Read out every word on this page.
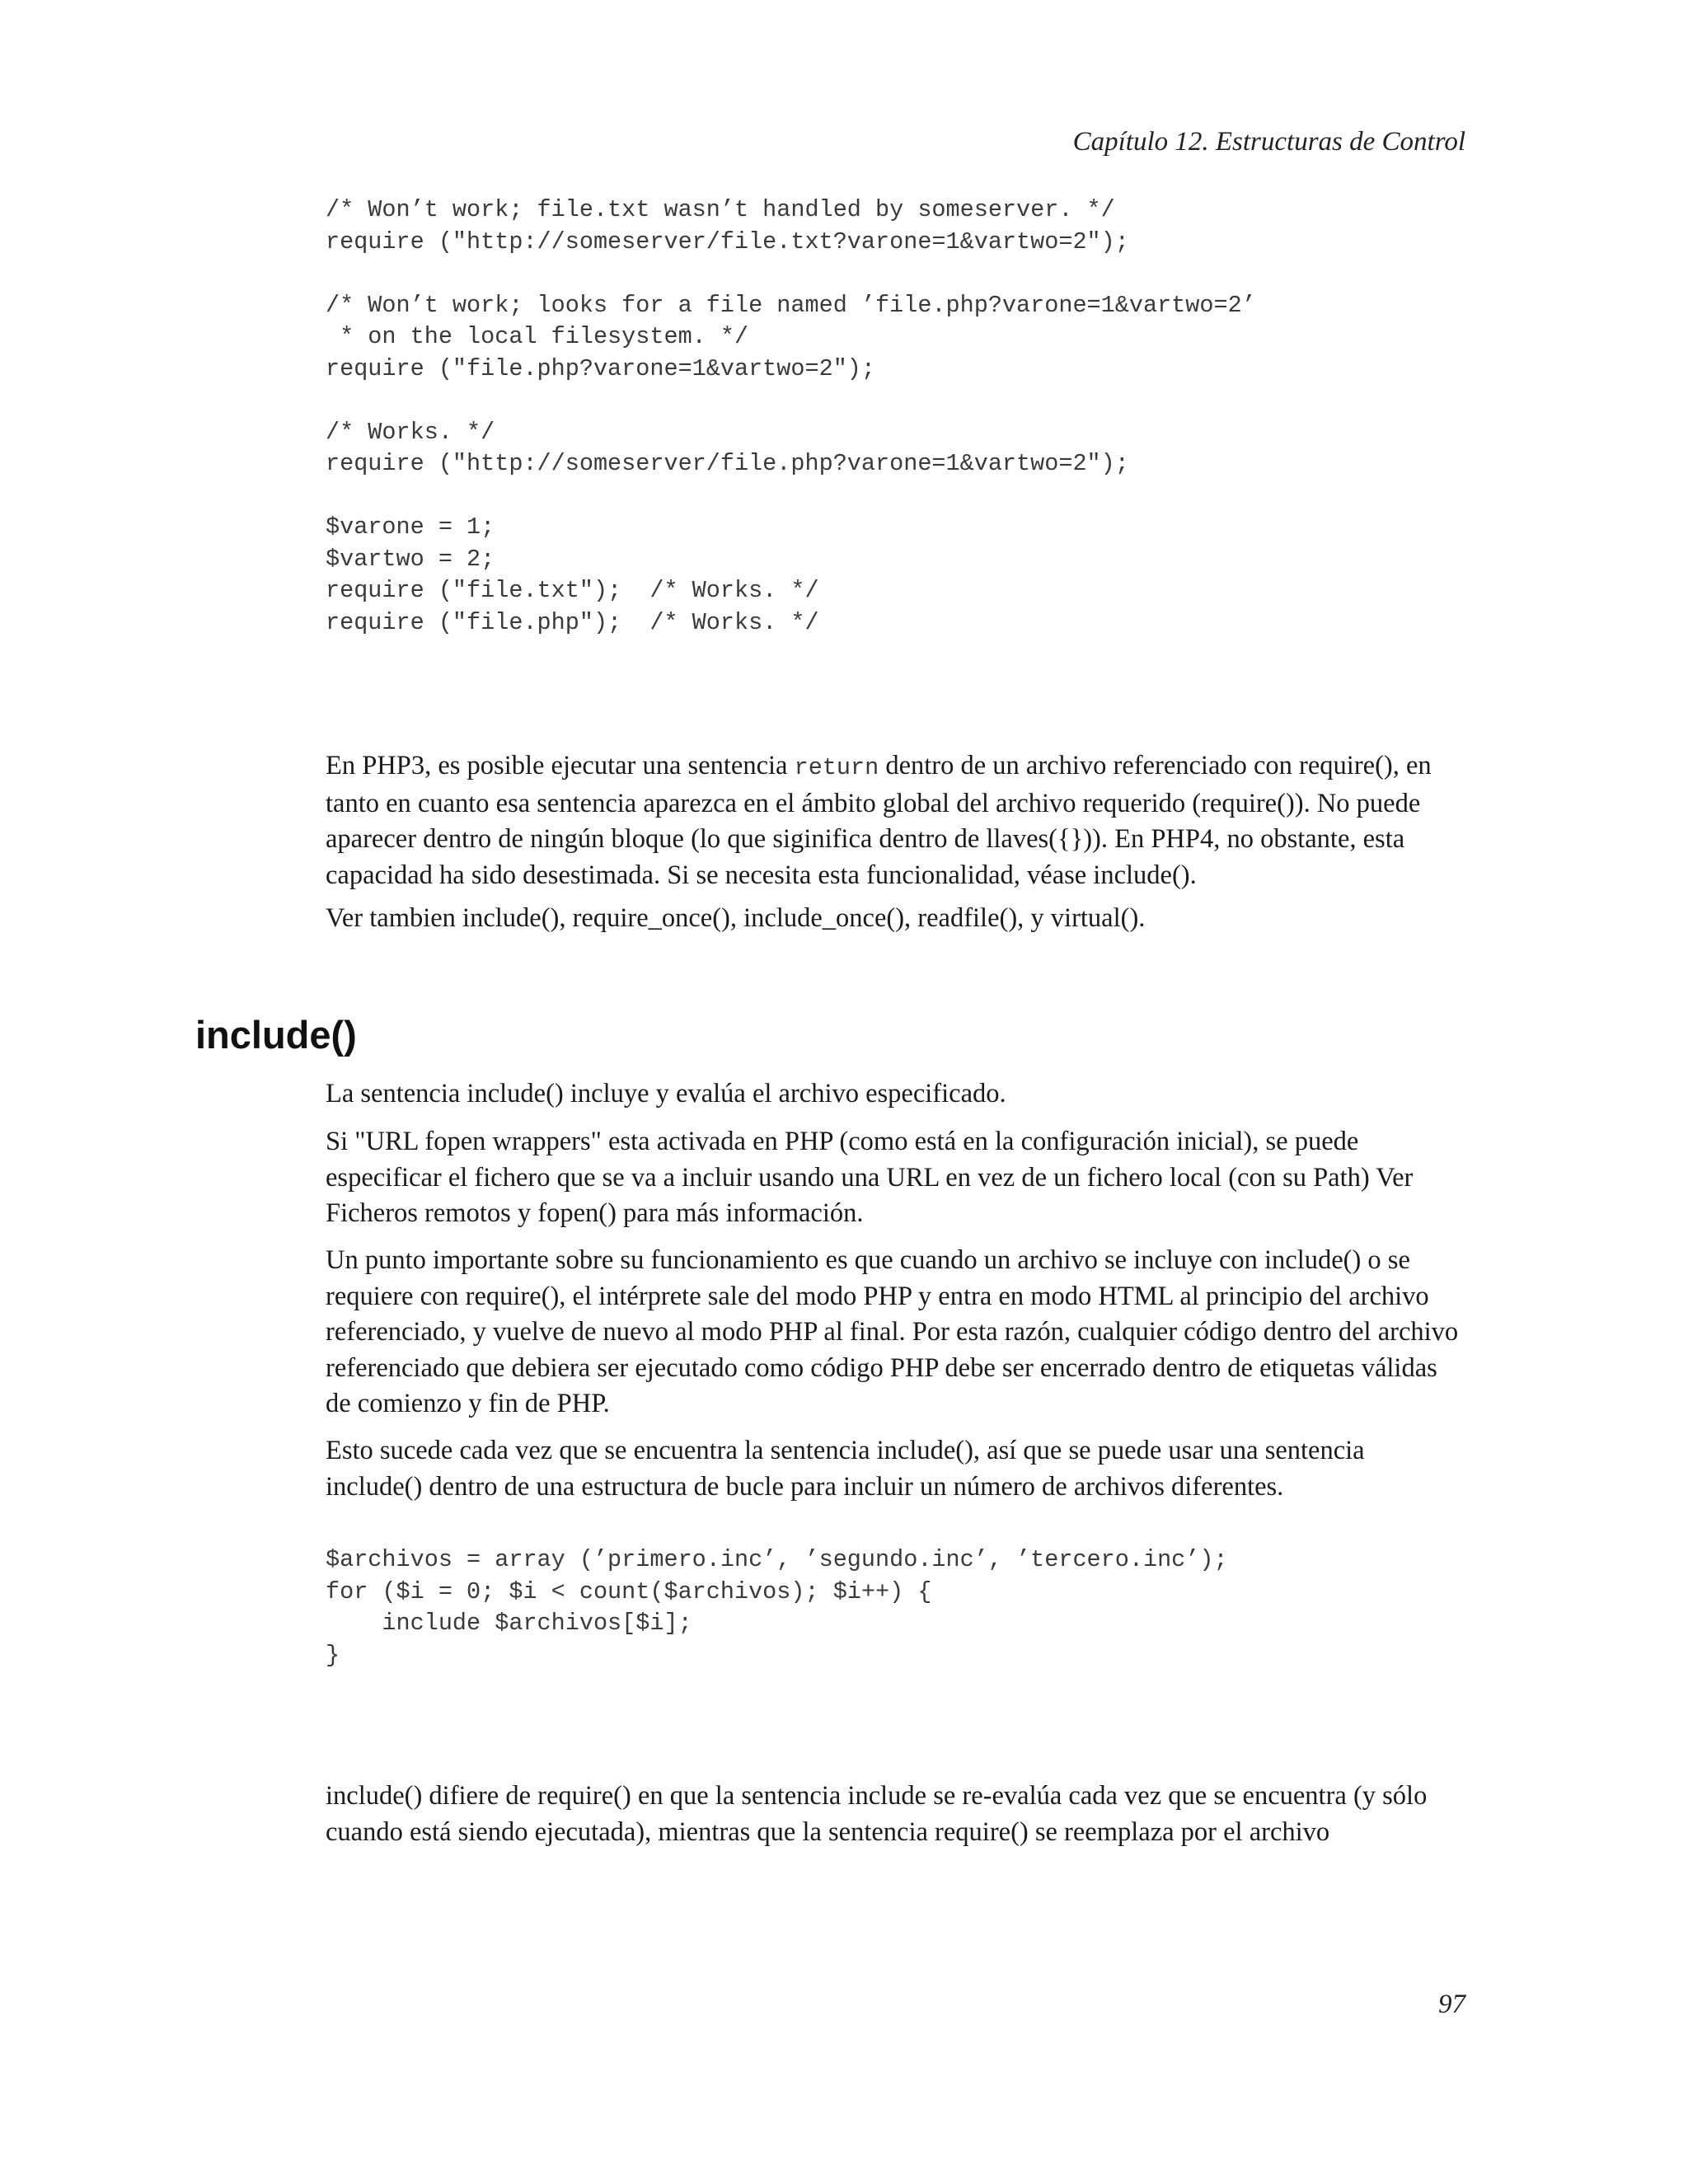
Capítulo 12. Estructuras de Control
/* Won’t work; file.txt wasn’t handled by someserver. */
require ("http://someserver/file.txt?varone=1&vartwo=2");
/* Won’t work; looks for a file named ’file.php?varone=1&vartwo=2’
* on the local filesystem. */
require ("file.php?varone=1&vartwo=2");
/* Works. */
require ("http://someserver/file.php?varone=1&vartwo=2");
$varone = 1;
$vartwo = 2;
require ("file.txt");  /* Works. */
require ("file.php");  /* Works. */
En PHP3, es posible ejecutar una sentencia return dentro de un archivo referenciado con require(), en
tanto en cuanto esa sentencia aparezca en el ámbito global del archivo requerido (require()). No puede
aparecer dentro de ningún bloque (lo que siginifica dentro de llaves({})). En PHP4, no obstante, esta
capacidad ha sido desestimada. Si se necesita esta funcionalidad, véase include().
Ver tambien include(), require_once(), include_once(), readfile(), y virtual().
include()
La sentencia include() incluye y evalúa el archivo especificado.
Si "URL fopen wrappers" esta activada en PHP (como está en la configuración inicial), se puede
especificar el fichero que se va a incluir usando una URL en vez de un fichero local (con su Path) Ver
Ficheros remotos y fopen() para más información.
Un punto importante sobre su funcionamiento es que cuando un archivo se incluye con include() o se
requiere con require(), el intérprete sale del modo PHP y entra en modo HTML al principio del archivo
referenciado, y vuelve de nuevo al modo PHP al final. Por esta razón, cualquier código dentro del archivo
referenciado que debiera ser ejecutado como código PHP debe ser encerrado dentro de etiquetas válidas
de comienzo y fin de PHP.
Esto sucede cada vez que se encuentra la sentencia include(), así que se puede usar una sentencia
include() dentro de una estructura de bucle para incluir un número de archivos diferentes.
$archivos = array (’primero.inc’, ’segundo.inc’, ’tercero.inc’);
for ($i = 0; $i < count($archivos); $i++) {
include $archivos[$i];
}
include() difiere de require() en que la sentencia include se re-evalúa cada vez que se encuentra (y sólo
cuando está siendo ejecutada), mientras que la sentencia require() se reemplaza por el archivo
97
